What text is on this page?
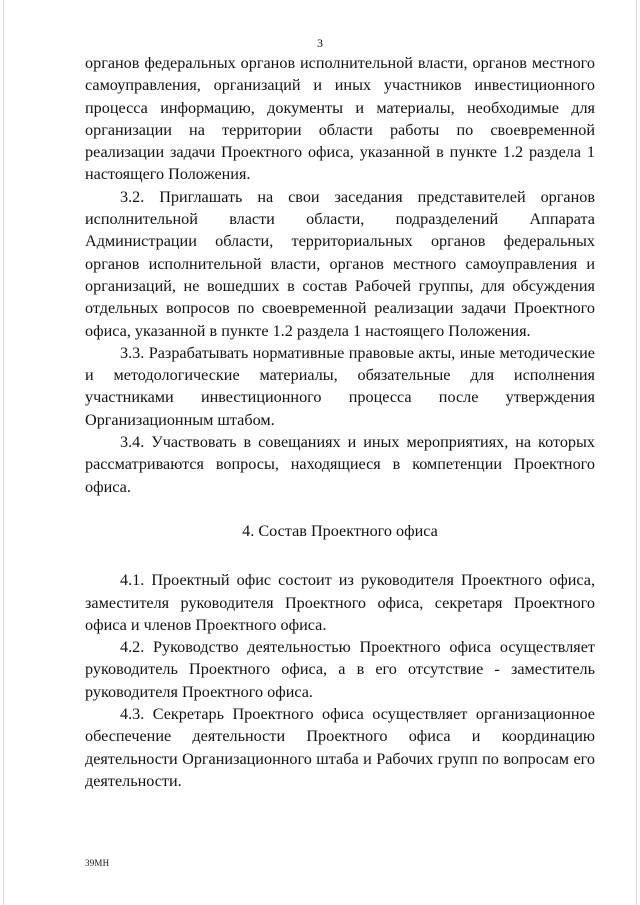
3

органов федеральных органов исполнительной власти, органов местного самоуправления, организаций и иных участников инвестиционного процесса информацию, документы и материалы, необходимые для организации на территории области работы по своевременной реализации задачи Проектного офиса, указанной в пункте 1.2 раздела 1 настоящего Положения.

3.2. Приглашать на свои заседания представителей органов исполнительной власти области, подразделений Аппарата Администрации области, территориальных органов федеральных органов исполнительной власти, органов местного самоуправления и организаций, не вошедших в состав Рабочей группы, для обсуждения отдельных вопросов по своевременной реализации задачи Проектного офиса, указанной в пункте 1.2 раздела 1 настоящего Положения.

3.3. Разрабатывать нормативные правовые акты, иные методические и методологические материалы, обязательные для исполнения участниками инвестиционного процесса после утверждения Организационным штабом.

3.4. Участвовать в совещаниях и иных мероприятиях, на которых рассматриваются вопросы, находящиеся в компетенции Проектного офиса.

4. Состав Проектного офиса

4.1. Проектный офис состоит из руководителя Проектного офиса, заместителя руководителя Проектного офиса, секретаря Проектного офиса и членов Проектного офиса.

4.2. Руководство деятельностью Проектного офиса осуществляет руководитель Проектного офиса, а в его отсутствие - заместитель руководителя Проектного офиса.

4.3. Секретарь Проектного офиса осуществляет организационное обеспечение деятельности Проектного офиса и координацию деятельности Организационного штаба и Рабочих групп по вопросам его деятельности.

39МН
